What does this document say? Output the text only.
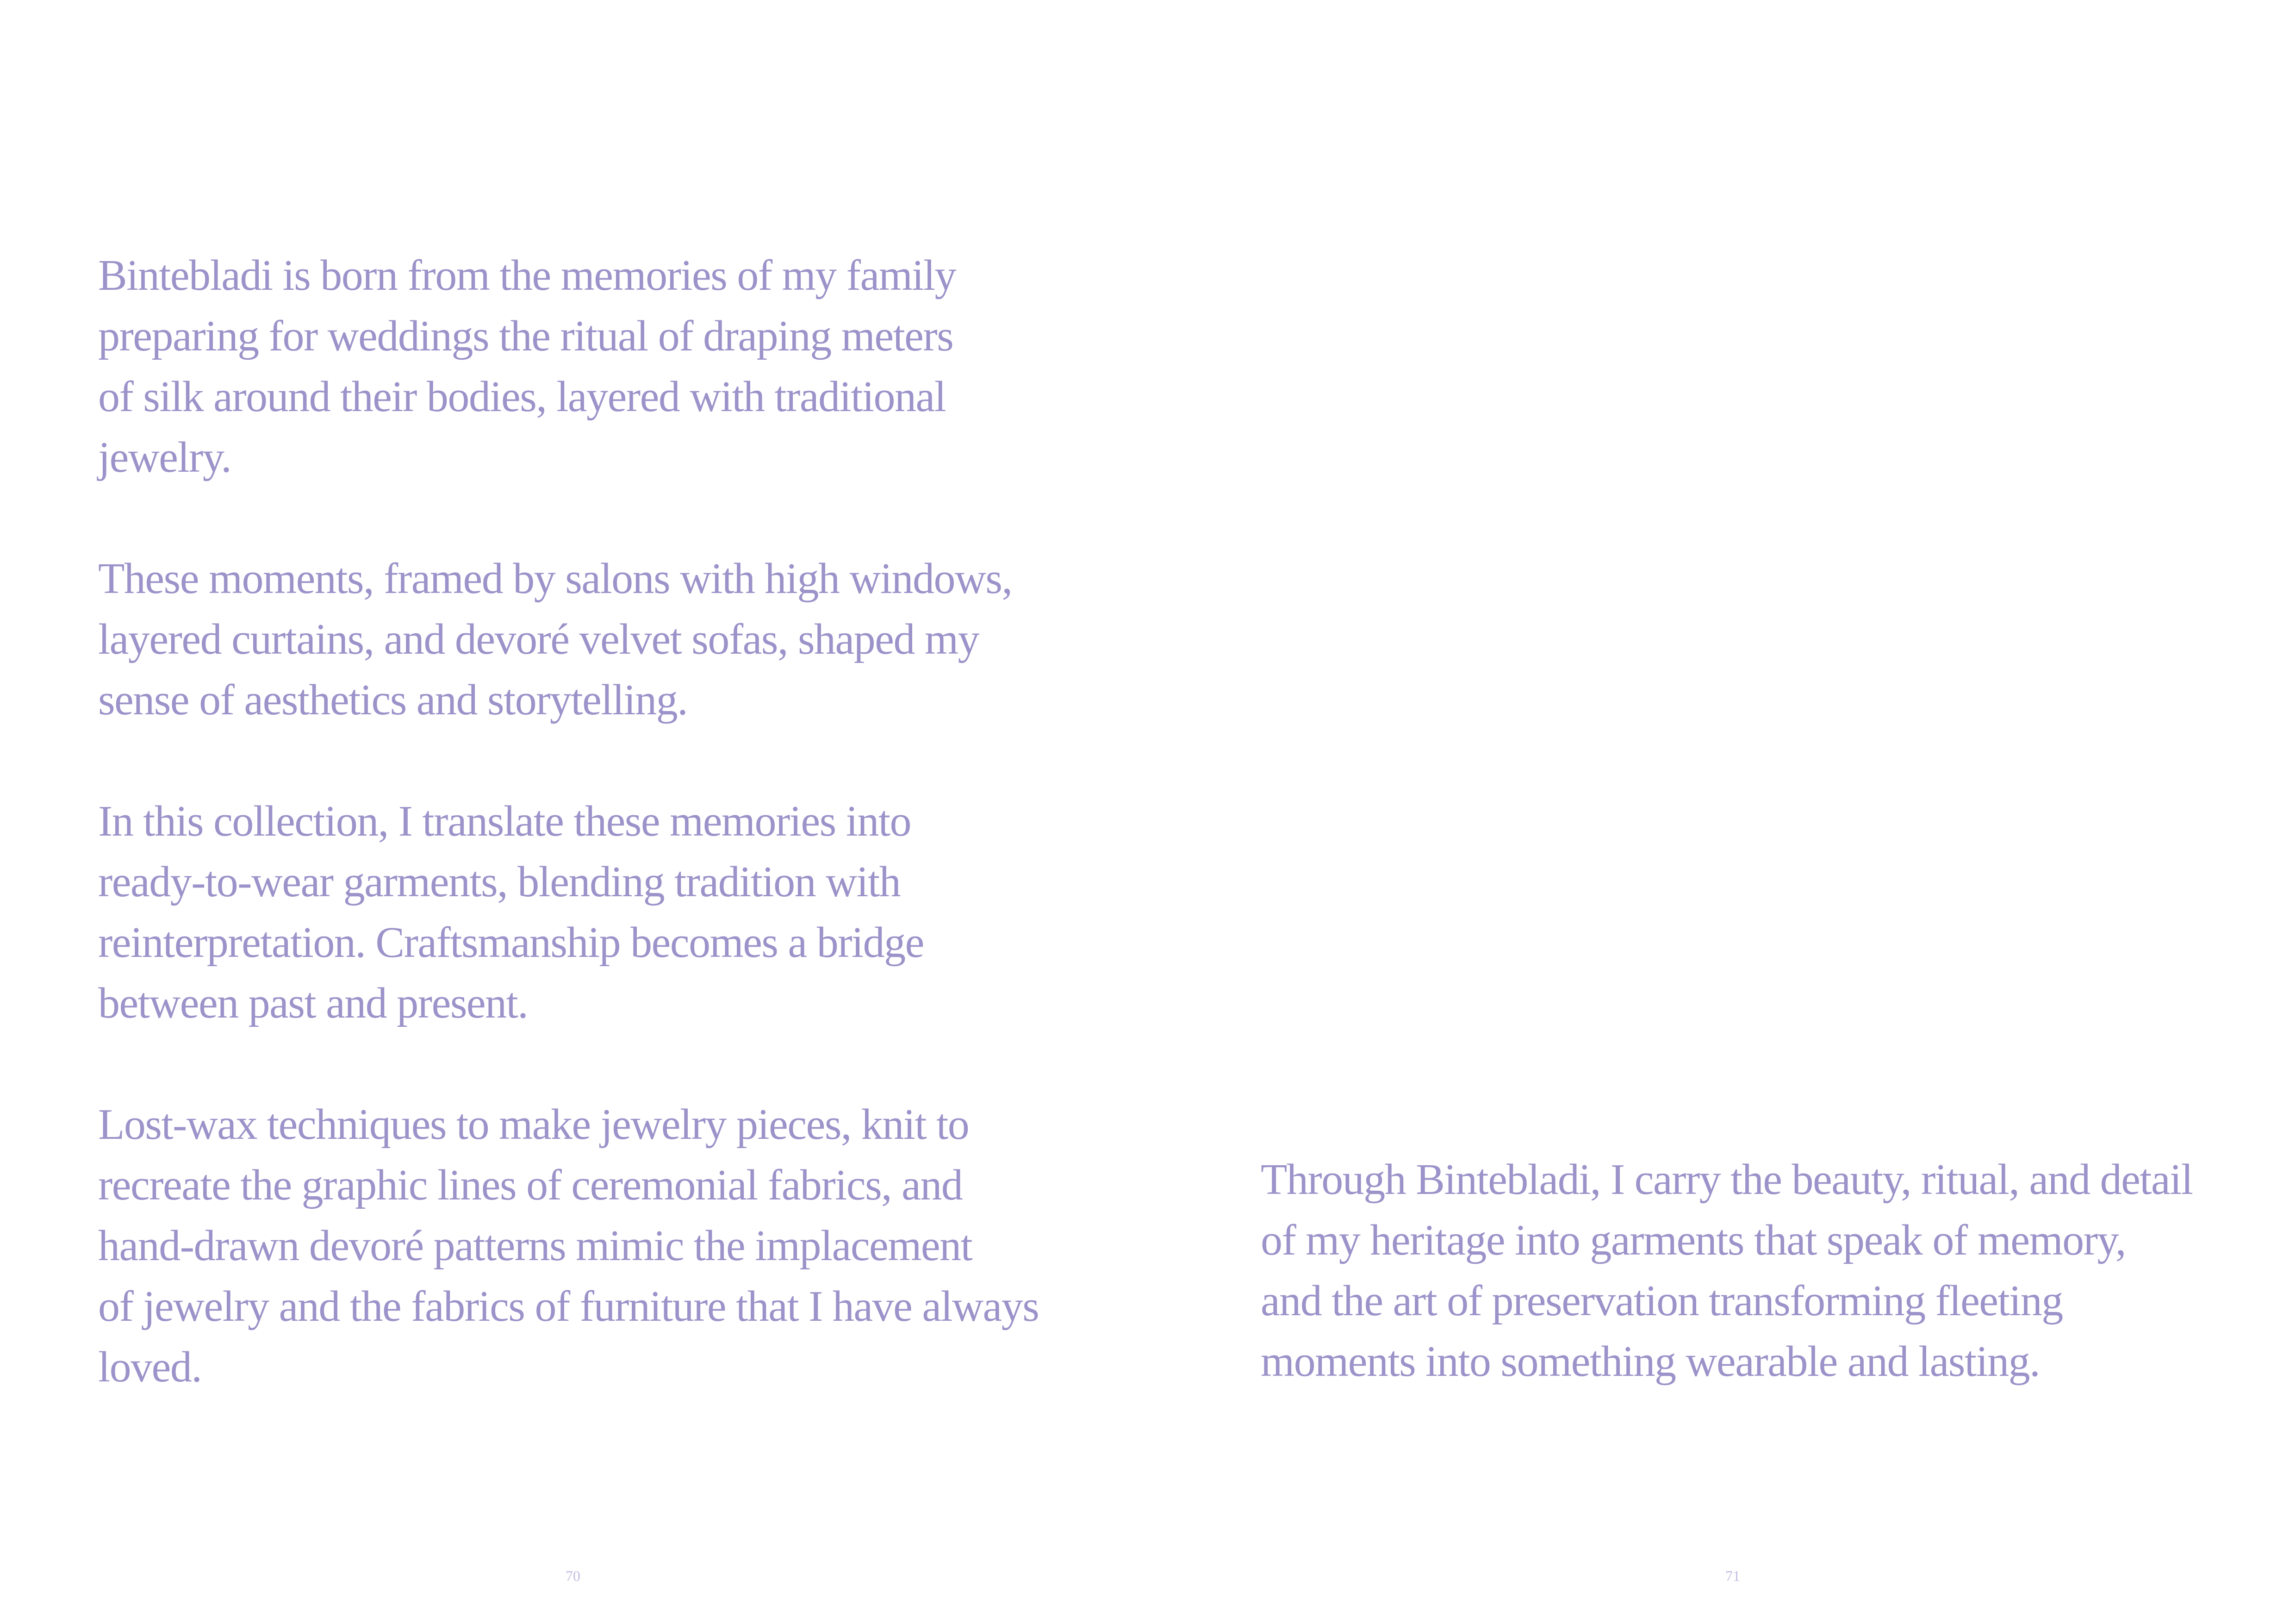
Bintebladi is born from the memories of my family
preparing for weddings the ritual of draping meters
of silk around their bodies, layered with traditional
jewelry.

These moments, framed by salons with high windows,
layered curtains, and devoré velvet sofas, shaped my
sense of aesthetics and storytelling.

In this collection, I translate these memories into
ready-to-wear garments, blending tradition with
reinterpretation. Craftsmanship becomes a bridge
between past and present.

Lost-wax techniques to make jewelry pieces, knit to
recreate the graphic lines of ceremonial fabrics, and
hand-drawn devoré patterns mimic the implacement
of jewelry and the fabrics of furniture that I have always
loved.

70

Through Bintebladi, I carry the beauty, ritual, and detail
of my heritage into garments that speak of memory,
and the art of preservation transforming fleeting
moments into something wearable and lasting.

71
